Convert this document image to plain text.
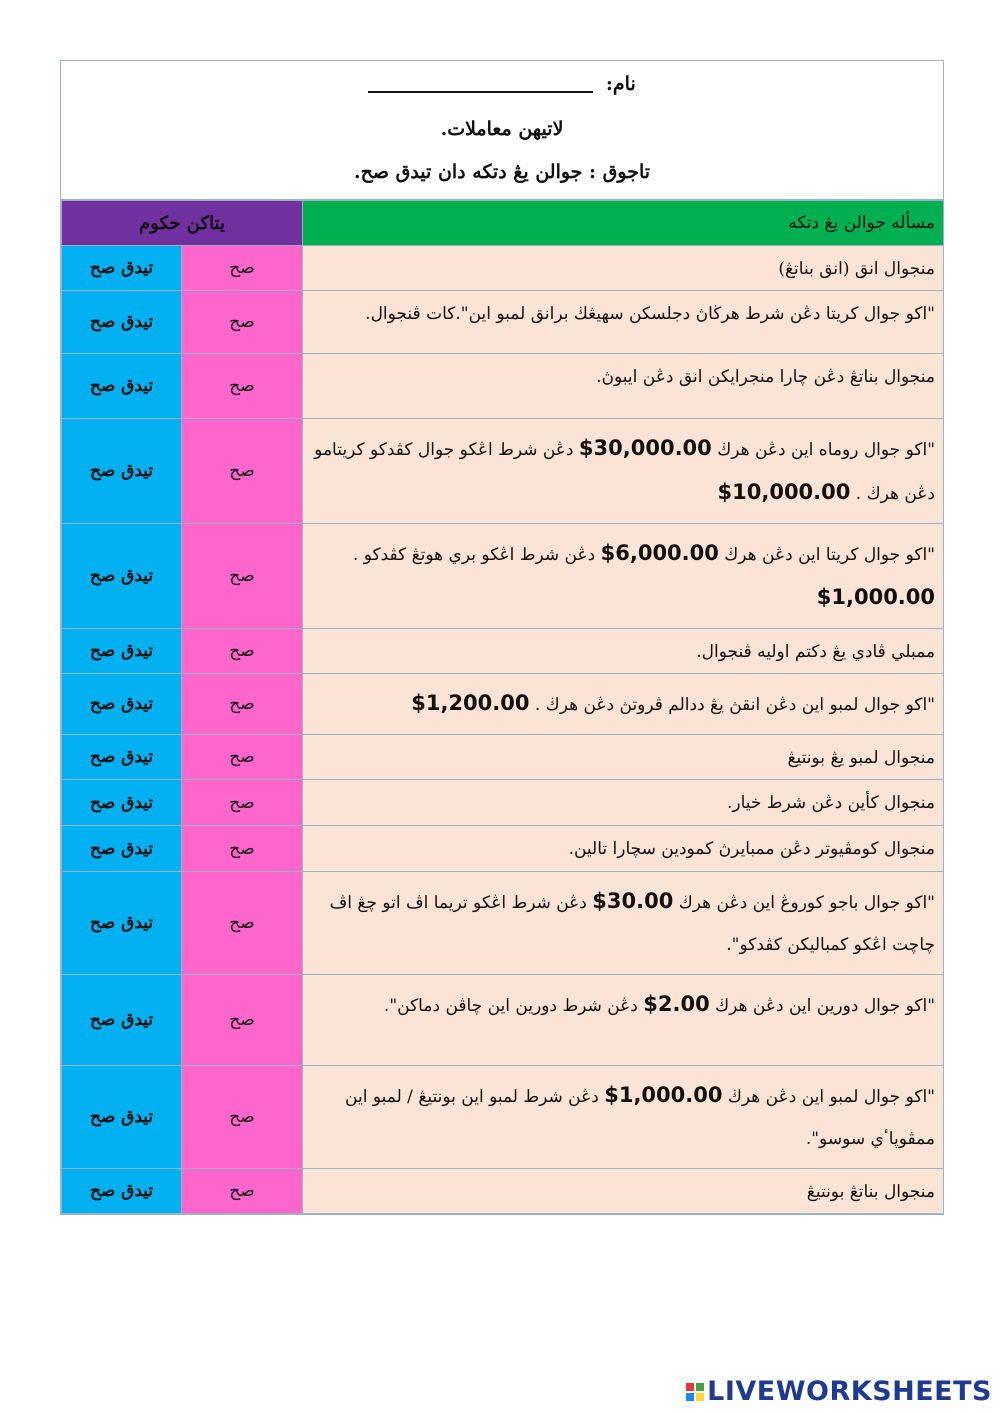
نام:
لاتيهن معاملات.
تاجوق : جوالن يڠ دتكه دان تيدق صح.
يتاكن حكوم		مسأله جوالن يڠ دتكه
تيدق صح	صح	منجوال انق (انق بناتڠ)
تيدق صح	صح	"اکو جوال کريتا دڠن شرط هرڬاڽ دجلسکن سهيڠڬ برانق لمبو اين".کات ڤنجوال.
تيدق صح	صح	منجوال بناتڠ دڠن چارا منجرايکن انق دڠن ايبوڽ.
تيدق صح	صح	"اکو جوال روماه اين دڠن هرڬ $30,000.00 دڠن شرط اڠکو جوال کڤدکو کريتامو دڠن هرڬ . $10,000.00
تيدق صح	صح	"اکو جوال کريتا اين دڠن هرڬ $6,000.00 دڠن شرط اڠکو بري هوتڠ کڤدکو . $1,000.00
تيدق صح	صح	ممبلي ڤادي يڠ دکتم اوليه ڤنجوال.
تيدق صح	صح	"اکو جوال لمبو اين دڠن انقڽ يڠ ددالم ڤروتڽ دڠن هرڬ . $1,200.00
تيدق صح	صح	منجوال لمبو يڠ بونتيڠ
تيدق صح	صح	منجوال کأين دڠن شرط خيار.
تيدق صح	صح	منجوال کومڤيوتر دڠن ممبايرڽ کمودين سچارا تالين.
تيدق صح	صح	"اکو جوال باجو کوروڠ اين دڠن هرڬ $30.00 دڠن شرط اڠکو تريما اڤ اتو چڠ اڤ چاچت اڠکو کمباليکن کڤدکو".
تيدق صح	صح	"اکو جوال دورين اين دڠن هرڬ $2.00 دڠن شرط دورين اين چاڤن دماکن".
تيدق صح	صح	"اکو جوال لمبو اين دڠن هرڬ $1,000.00 دڠن شرط لمبو اين بونتيڠ / لمبو اين ممڤوڽاٴي سوسو".
تيدق صح	صح	منجوال بناتڠ بونتيڠ
LIVEWORKSHEETS
